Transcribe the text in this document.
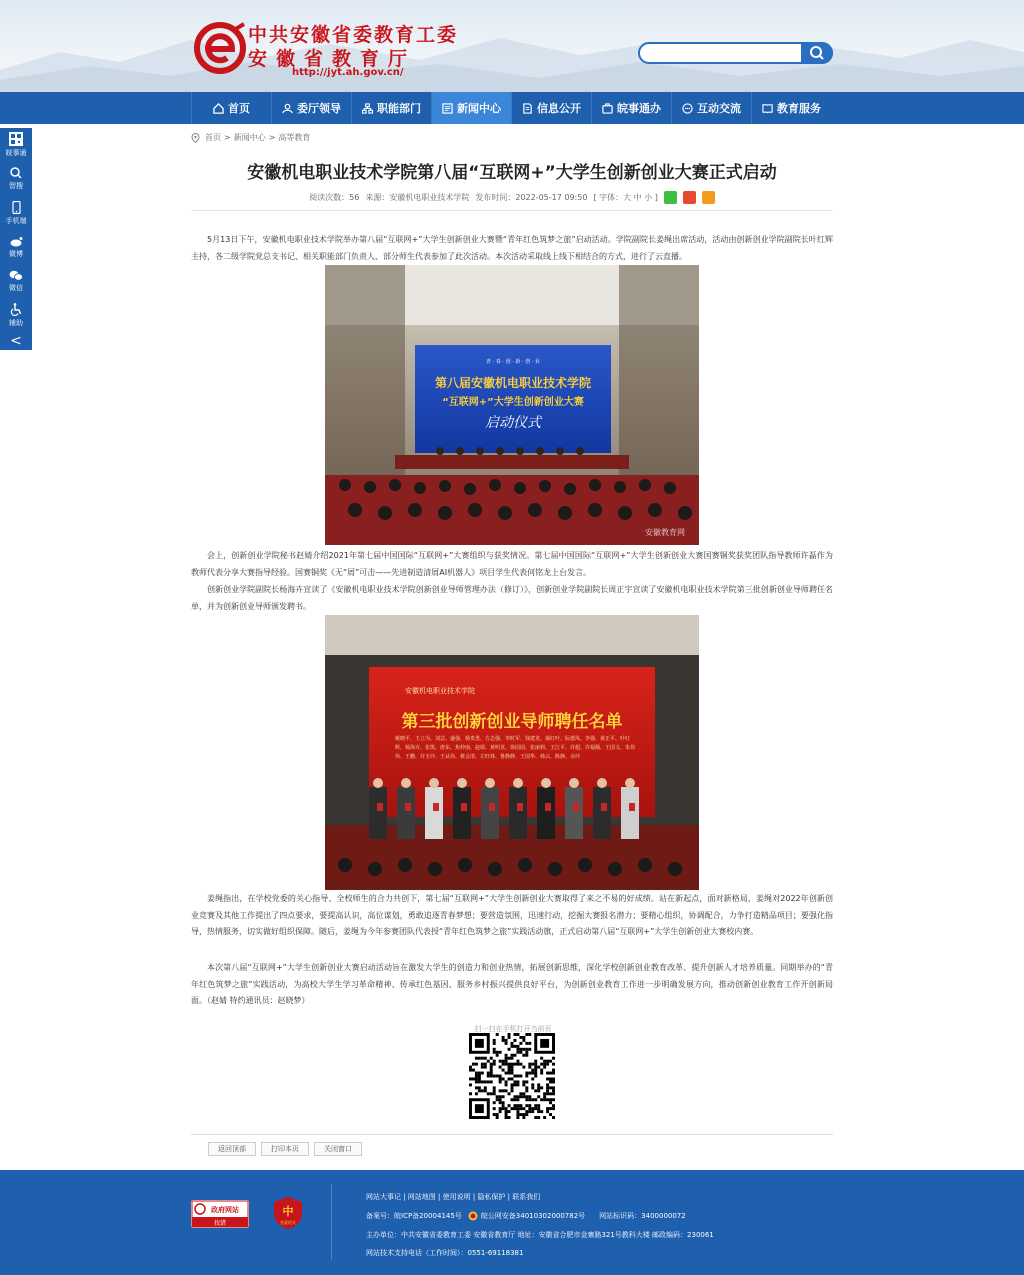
中共安徽省委教育工委
安徽省教育厅
http://jyt.ah.gov.cn/
首页	委厅领导	职能部门	新闻中心	信息公开	皖事通办	互动交流	教育服务
皖事通
智搜
手机端
微博
微信
辅助
<
首页 > 新闻中心 > 高等教育
安徽机电职业技术学院第八届“互联网+”大学生创新创业大赛正式启动
阅读次数：56 来源：安徽机电职业技术学院 发布时间：2022-05-17 09:50 [ 字体：大 中 小 ]

5月13日下午，安徽机电职业技术学院举办第八届“互联网+”大学生创新创业大赛暨“青年红色筑梦之旅”启动活动。学院副院长姜绳出席活动，活动由创新创业学院副院长叶红辉主持，各二级学院党总支书记、相关职能部门负责人、部分师生代表参加了此次活动。本次活动采取线上线下相结合的方式，进行了云直播。

青 · 春 · 创 · 新 · 创 · 业
第八届安徽机电职业技术学院
“互联网+”大学生创新创业大赛
启动仪式
安徽教育网

会上，创新创业学院秘书赵婧介绍2021年第七届中国国际“互联网+”大赛组织与获奖情况。第七届中国国际“互联网+”大学生创新创业大赛国赛铜奖获奖团队指导教师许磊作为教师代表分享大赛指导经验。国赛铜奖《无“屑”可击——先进制造清屑AI机器人》项目学生代表何铭龙上台发言。

创新创业学院副院长杨海卉宣读了《安徽机电职业技术学院创新创业导师管理办法（修订）》，创新创业学院副院长周正宇宣读了安徽机电职业技术学院第三批创新创业导师聘任名单，并为创新创业导师颁发聘书。

安徽机电职业技术学院
第三批创新创业导师聘任名单
姚晓平、王立为、刘芸、盛强、杨贵勇、方志强、李时军、钱建龙、郁红叶、阮德凤、李强、黄正平、叶红辉、杨海卉、张凯、唐东、焦仲南、赵婧、黄明龙、徐园园、张丽莉、王江平、许超、许福佩、王国文、朱伟伟、王鹏、许玉玲、王从伟、蔡会清、左旺林、鲁静静、王国华、韩云、陈静、余玲

姜绳指出，在学校党委的关心指导、全校师生的合力共创下，第七届“互联网+”大学生创新创业大赛取得了来之不易的好成绩。站在新起点，面对新格局，姜绳对2022年创新创业竞赛及其他工作提出了四点要求，要提高认识，高位谋划，勇敢追逐青春梦想；要营造氛围，迅速行动，挖掘大赛报名潜力；要精心组织，协调配合，力争打造精品项目；要强化指导，热情服务，切实做好组织保障。随后，姜绳为今年参赛团队代表授“青年红色筑梦之旅”实践活动旗，正式启动第八届“互联网+”大学生创新创业大赛校内赛。

本次第八届“互联网+”大学生创新创业大赛启动活动旨在激发大学生的创造力和创业热情，拓展创新思维，深化学校创新创业教育改革、提升创新人才培养质量。同期举办的“青年红色筑梦之旅”实践活动，为高校大学生学习革命精神、传承红色基因、服务乡村振兴提供良好平台，为创新创业教育工作进一步明确发展方向，推动创新创业教育工作开创新局面。（赵婧 特约通讯员：赵晓梦）

扫一扫在手机打开当前页
返回顶部	打印本页	关闭窗口
政府网站
找错
中
党政机关
网站大事记 | 网站地图 | 使用说明 | 隐私保护 | 联系我们
备案号：皖ICP备20004145号	皖公网安备34010302000782号 网站标识码：3400000072
主办单位：中共安徽省委教育工委 安徽省教育厅 地址：安徽省合肥市金寨路321号教科大楼 邮政编码：230061
网站技术支持电话（工作时间）：0551-69118381
